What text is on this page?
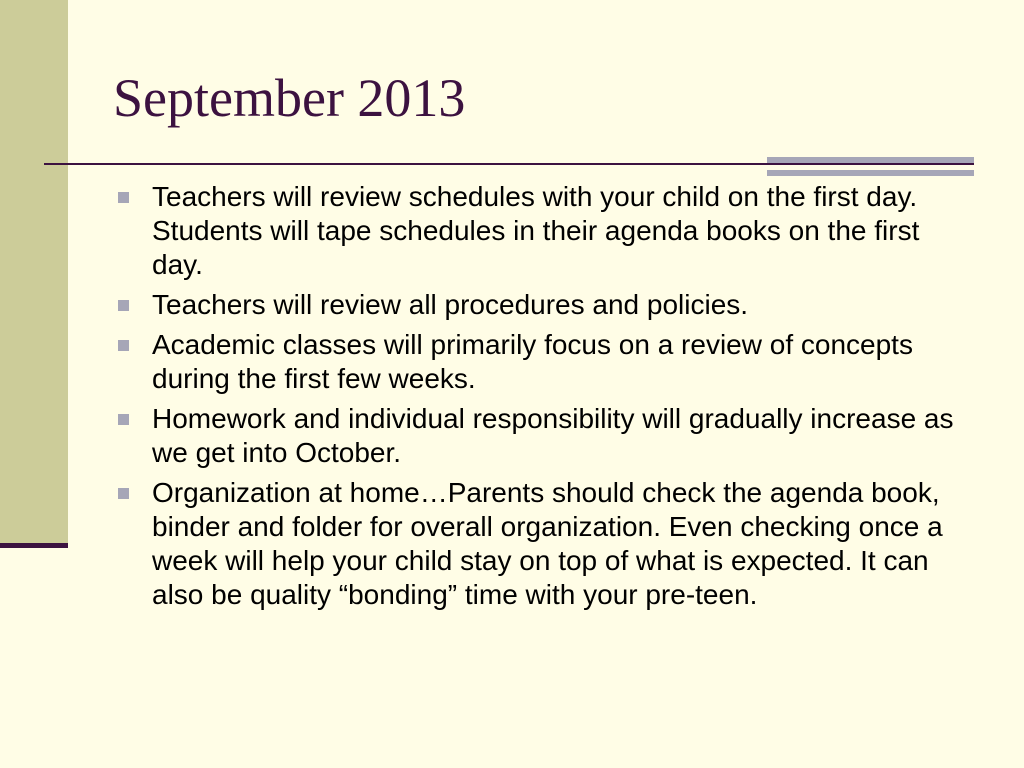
September 2013
Teachers will review schedules with your child on the first day. Students will tape schedules in their agenda books on the first day.
Teachers will review all procedures and policies.
Academic classes will primarily focus on a review of concepts during the first few weeks.
Homework and individual responsibility will gradually increase as we get into October.
Organization at home…Parents should check the agenda book, binder and folder for overall organization. Even checking once a week will help your child stay on top of what is expected. It can also be quality “bonding” time with your pre-teen.
